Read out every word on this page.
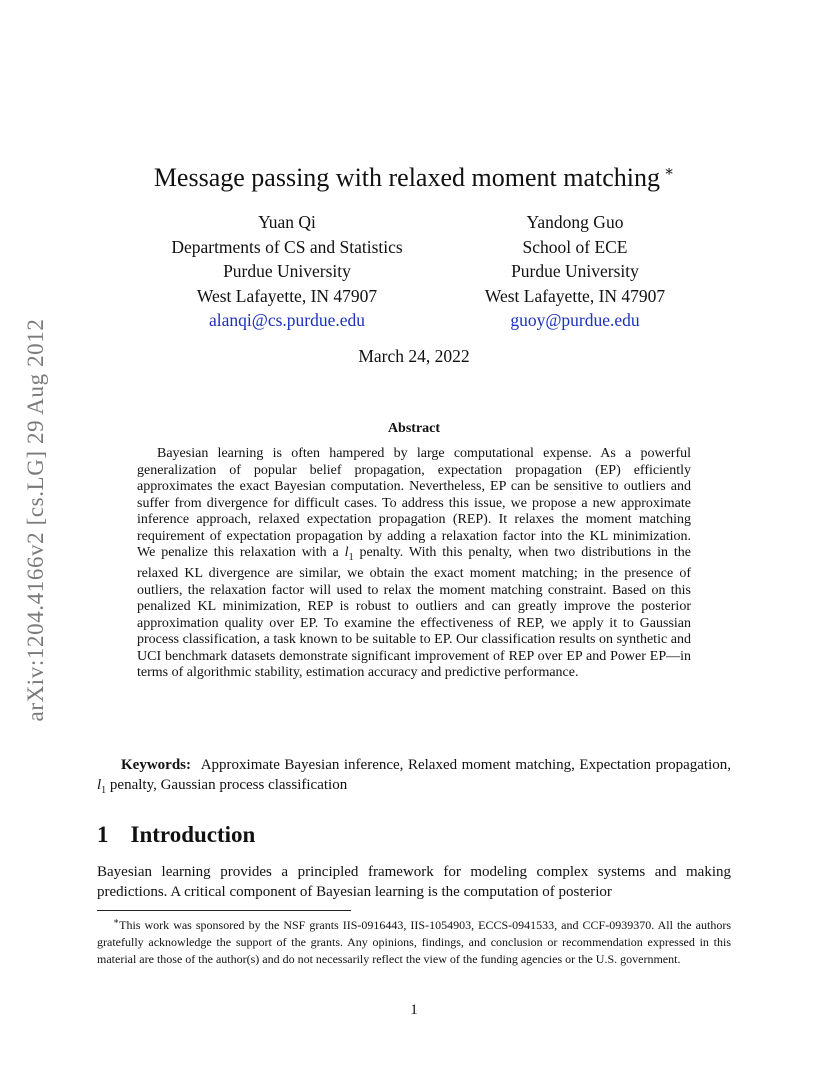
arXiv:1204.4166v2 [cs.LG] 29 Aug 2012
Message passing with relaxed moment matching ∗
Yuan Qi
Departments of CS and Statistics
Purdue University
West Lafayette, IN 47907
alanqi@cs.purdue.edu
Yandong Guo
School of ECE
Purdue University
West Lafayette, IN 47907
guoy@purdue.edu
March 24, 2022
Abstract

Bayesian learning is often hampered by large computational expense. As a powerful generalization of popular belief propagation, expectation propagation (EP) efficiently approximates the exact Bayesian computation. Nevertheless, EP can be sensitive to outliers and suffer from divergence for difficult cases. To address this issue, we propose a new approximate inference approach, relaxed expectation propagation (REP). It relaxes the moment matching requirement of expectation propagation by adding a relaxation factor into the KL minimization. We penalize this relaxation with a $l_1$ penalty. With this penalty, when two distributions in the relaxed KL divergence are similar, we obtain the exact moment matching; in the presence of outliers, the relaxation factor will used to relax the moment matching constraint. Based on this penalized KL minimization, REP is robust to outliers and can greatly improve the posterior approximation quality over EP. To examine the effectiveness of REP, we apply it to Gaussian process classification, a task known to be suitable to EP. Our classification results on synthetic and UCI benchmark datasets demonstrate significant improvement of REP over EP and Power EP—in terms of algorithmic stability, estimation accuracy and predictive performance.

Keywords: Approximate Bayesian inference, Relaxed moment matching, Expectation propagation, $l_1$ penalty, Gaussian process classification

1 Introduction

Bayesian learning provides a principled framework for modeling complex systems and making predictions. A critical component of Bayesian learning is the computation of posterior

∗This work was sponsored by the NSF grants IIS-0916443, IIS-1054903, ECCS-0941533, and CCF-0939370. All the authors gratefully acknowledge the support of the grants. Any opinions, findings, and conclusion or recommendation expressed in this material are those of the author(s) and do not necessarily reflect the view of the funding agencies or the U.S. government.

1
